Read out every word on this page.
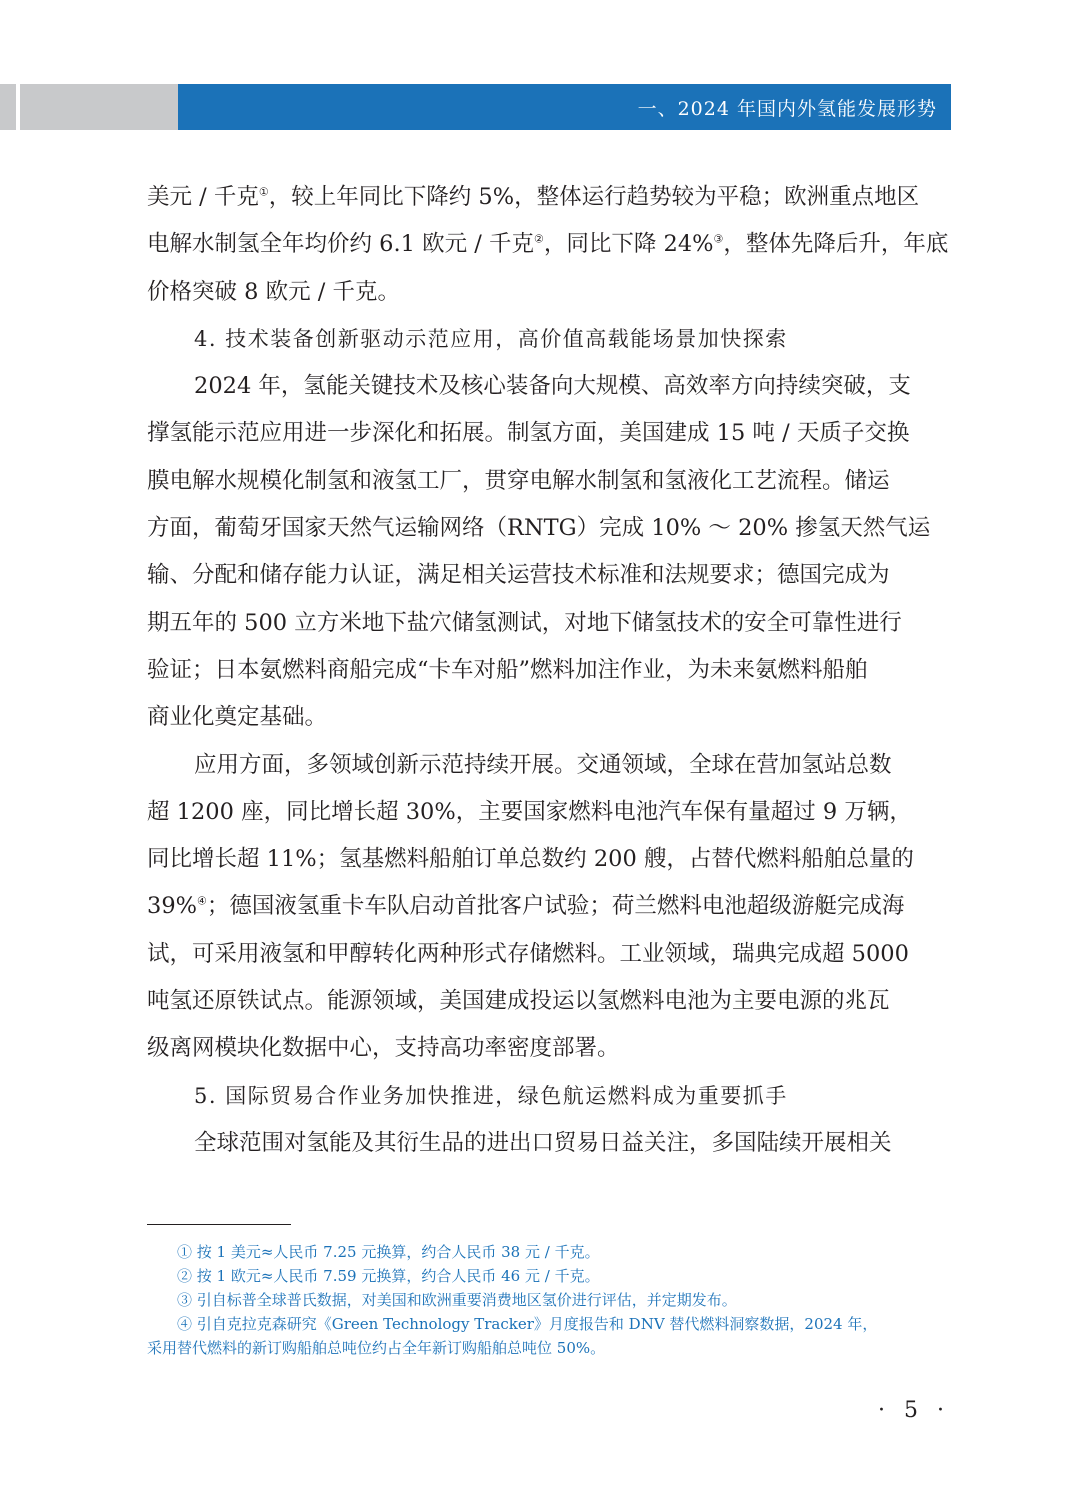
一、2024 年国内外氢能发展形势

美元 / 千克①，较上年同比下降约 5%，整体运行趋势较为平稳；欧洲重点地区

电解水制氢全年均价约 6.1 欧元 / 千克②，同比下降 24%③，整体先降后升，年底

价格突破 8 欧元 / 千克。

4. 技术装备创新驱动示范应用，高价值高载能场景加快探索

2024 年，氢能关键技术及核心装备向大规模、高效率方向持续突破，支

撑氢能示范应用进一步深化和拓展。制氢方面，美国建成 15 吨 / 天质子交换

膜电解水规模化制氢和液氢工厂，贯穿电解水制氢和氢液化工艺流程。储运

方面，葡萄牙国家天然气运输网络（RNTG）完成 10% ～ 20% 掺氢天然气运

输、分配和储存能力认证，满足相关运营技术标准和法规要求；德国完成为

期五年的 500 立方米地下盐穴储氢测试，对地下储氢技术的安全可靠性进行

验证；日本氨燃料商船完成“卡车对船”燃料加注作业，为未来氨燃料船舶

商业化奠定基础。

应用方面，多领域创新示范持续开展。交通领域，全球在营加氢站总数

超 1200 座，同比增长超 30%，主要国家燃料电池汽车保有量超过 9 万辆，

同比增长超 11%；氢基燃料船舶订单总数约 200 艘，占替代燃料船舶总量的

39%④；德国液氢重卡车队启动首批客户试验；荷兰燃料电池超级游艇完成海

试，可采用液氢和甲醇转化两种形式存储燃料。工业领域，瑞典完成超 5000

吨氢还原铁试点。能源领域，美国建成投运以氢燃料电池为主要电源的兆瓦

级离网模块化数据中心，支持高功率密度部署。

5. 国际贸易合作业务加快推进，绿色航运燃料成为重要抓手

全球范围对氢能及其衍生品的进出口贸易日益关注，多国陆续开展相关

① 按 1 美元≈人民币 7.25 元换算，约合人民币 38 元 / 千克。

② 按 1 欧元≈人民币 7.59 元换算，约合人民币 46 元 / 千克。

③ 引自标普全球普氏数据，对美国和欧洲重要消费地区氢价进行评估，并定期发布。

④ 引自克拉克森研究《Green Technology Tracker》月度报告和 DNV 替代燃料洞察数据，2024 年，

采用替代燃料的新订购船舶总吨位约占全年新订购船舶总吨位 50%。

· 5 ·
